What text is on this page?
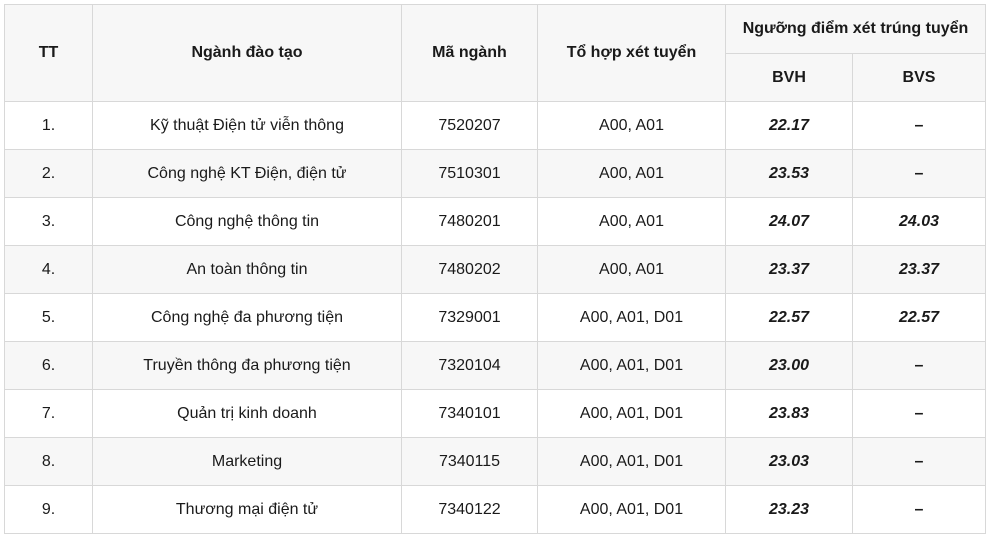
TT	Ngành đào tạo	Mã ngành	Tổ hợp xét tuyển	Ngưỡng điểm xét trúng tuyển	
				BVH	BVS
1.	Kỹ thuật Điện tử viễn thông	7520207	A00, A01	22.17	–
2.	Công nghệ KT Điện, điện tử	7510301	A00, A01	23.53	–
3.	Công nghệ thông tin	7480201	A00, A01	24.07	24.03
4.	An toàn thông tin	7480202	A00, A01	23.37	23.37
5.	Công nghệ đa phương tiện	7329001	A00, A01, D01	22.57	22.57
6.	Truyền thông đa phương tiện	7320104	A00, A01, D01	23.00	–
7.	Quản trị kinh doanh	7340101	A00, A01, D01	23.83	–
8.	Marketing	7340115	A00, A01, D01	23.03	–
9.	Thương mại điện tử	7340122	A00, A01, D01	23.23	–
